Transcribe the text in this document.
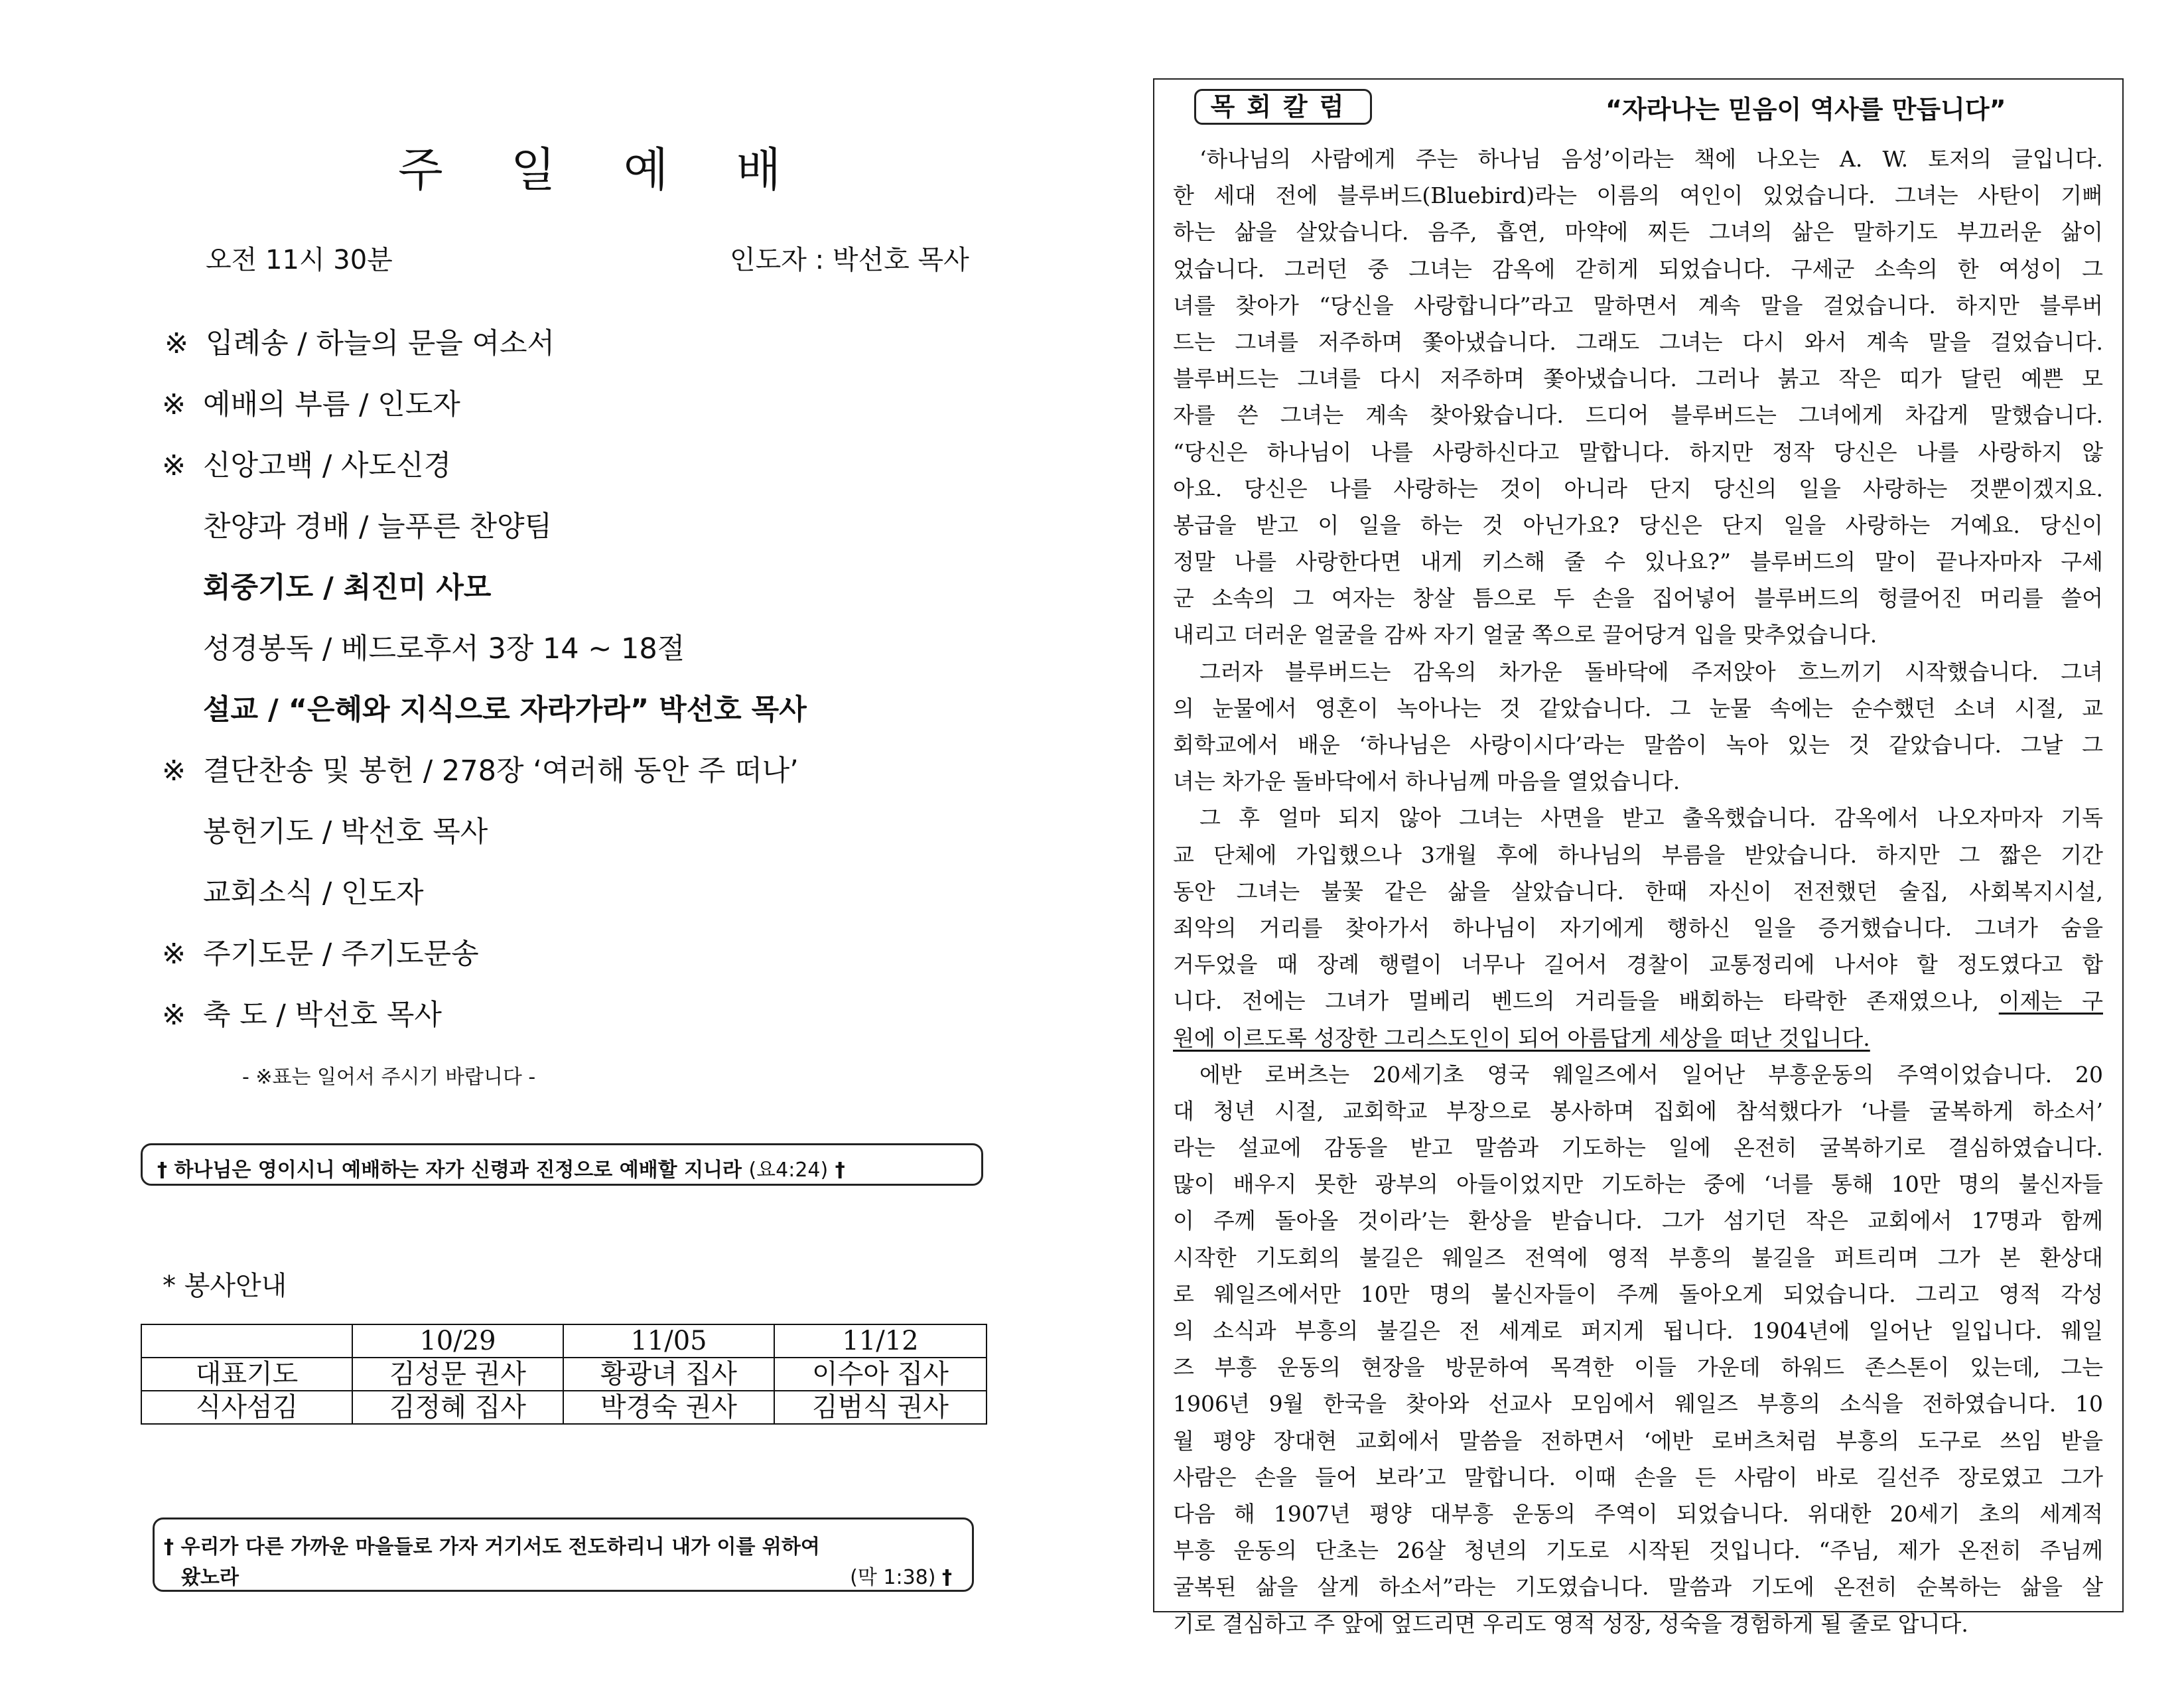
주 일 예 배
오전 11시 30분	인도자 : 박선호 목사
※ 입례송 / 하늘의 문을 여소서
※ 예배의 부름 / 인도자
※ 신앙고백 / 사도신경
찬양과 경배 / 늘푸른 찬양팀
회중기도 / 최진미 사모
성경봉독 / 베드로후서 3장 14 ~ 18절
설교 / “은혜와 지식으로 자라가라” 박선호 목사
※ 결단찬송 및 봉헌 / 278장 ‘여러해 동안 주 떠나’
봉헌기도 / 박선호 목사
교회소식 / 인도자
※ 주기도문 / 주기도문송
※ 축 도 / 박선호 목사
- ※표는 일어서 주시기 바랍니다 -
† 하나님은 영이시니 예배하는 자가 신령과 진정으로 예배할 지니라 (요4:24) †
* 봉사안내
	10/29	11/05	11/12
대표기도	김성문 권사	황광녀 집사	이수아 집사
식사섬김	김정혜 집사	박경숙 권사	김범식 권사
† 우리가 다른 가까운 마을들로 가자 거기서도 전도하리니 내가 이를 위하여
왔노라	(막 1:38) †
목회칼럼	“자라나는 믿음이 역사를 만듭니다”
‘하나님의 사람에게 주는 하나님 음성’이라는 책에 나오는 A. W. 토저의 글입니다.
한 세대 전에 블루버드(Bluebird)라는 이름의 여인이 있었습니다. 그녀는 사탄이 기뻐
하는 삶을 살았습니다. 음주, 흡연, 마약에 찌든 그녀의 삶은 말하기도 부끄러운 삶이
었습니다. 그러던 중 그녀는 감옥에 갇히게 되었습니다. 구세군 소속의 한 여성이 그
녀를 찾아가 “당신을 사랑합니다”라고 말하면서 계속 말을 걸었습니다. 하지만 블루버
드는 그녀를 저주하며 쫓아냈습니다. 그래도 그녀는 다시 와서 계속 말을 걸었습니다.
블루버드는 그녀를 다시 저주하며 쫓아냈습니다. 그러나 붉고 작은 띠가 달린 예쁜 모
자를 쓴 그녀는 계속 찾아왔습니다. 드디어 블루버드는 그녀에게 차갑게 말했습니다.
“당신은 하나님이 나를 사랑하신다고 말합니다. 하지만 정작 당신은 나를 사랑하지 않
아요. 당신은 나를 사랑하는 것이 아니라 단지 당신의 일을 사랑하는 것뿐이겠지요.
봉급을 받고 이 일을 하는 것 아닌가요? 당신은 단지 일을 사랑하는 거예요. 당신이
정말 나를 사랑한다면 내게 키스해 줄 수 있나요?” 블루버드의 말이 끝나자마자 구세
군 소속의 그 여자는 창살 틈으로 두 손을 집어넣어 블루버드의 헝클어진 머리를 쓸어
내리고 더러운 얼굴을 감싸 자기 얼굴 쪽으로 끌어당겨 입을 맞추었습니다.
그러자 블루버드는 감옥의 차가운 돌바닥에 주저앉아 흐느끼기 시작했습니다. 그녀
의 눈물에서 영혼이 녹아나는 것 같았습니다. 그 눈물 속에는 순수했던 소녀 시절, 교
회학교에서 배운 ‘하나님은 사랑이시다’라는 말씀이 녹아 있는 것 같았습니다. 그날 그
녀는 차가운 돌바닥에서 하나님께 마음을 열었습니다.
그 후 얼마 되지 않아 그녀는 사면을 받고 출옥했습니다. 감옥에서 나오자마자 기독
교 단체에 가입했으나 3개월 후에 하나님의 부름을 받았습니다. 하지만 그 짧은 기간
동안 그녀는 불꽃 같은 삶을 살았습니다. 한때 자신이 전전했던 술집, 사회복지시설,
죄악의 거리를 찾아가서 하나님이 자기에게 행하신 일을 증거했습니다. 그녀가 숨을
거두었을 때 장례 행렬이 너무나 길어서 경찰이 교통정리에 나서야 할 정도였다고 합
니다. 전에는 그녀가 멀베리 벤드의 거리들을 배회하는 타락한 존재였으나, 이제는 구
원에 이르도록 성장한 그리스도인이 되어 아름답게 세상을 떠난 것입니다.
에반 로버츠는 20세기초 영국 웨일즈에서 일어난 부흥운동의 주역이었습니다. 20
대 청년 시절, 교회학교 부장으로 봉사하며 집회에 참석했다가 ‘나를 굴복하게 하소서’
라는 설교에 감동을 받고 말씀과 기도하는 일에 온전히 굴복하기로 결심하였습니다.
많이 배우지 못한 광부의 아들이었지만 기도하는 중에 ‘너를 통해 10만 명의 불신자들
이 주께 돌아올 것이라’는 환상을 받습니다. 그가 섬기던 작은 교회에서 17명과 함께
시작한 기도회의 불길은 웨일즈 전역에 영적 부흥의 불길을 퍼트리며 그가 본 환상대
로 웨일즈에서만 10만 명의 불신자들이 주께 돌아오게 되었습니다. 그리고 영적 각성
의 소식과 부흥의 불길은 전 세계로 퍼지게 됩니다. 1904년에 일어난 일입니다. 웨일
즈 부흥 운동의 현장을 방문하여 목격한 이들 가운데 하워드 존스톤이 있는데, 그는
1906년 9월 한국을 찾아와 선교사 모임에서 웨일즈 부흥의 소식을 전하였습니다. 10
월 평양 장대현 교회에서 말씀을 전하면서 ‘에반 로버츠처럼 부흥의 도구로 쓰임 받을
사람은 손을 들어 보라’고 말합니다. 이때 손을 든 사람이 바로 길선주 장로였고 그가
다음 해 1907년 평양 대부흥 운동의 주역이 되었습니다. 위대한 20세기 초의 세계적
부흥 운동의 단초는 26살 청년의 기도로 시작된 것입니다. “주님, 제가 온전히 주님께
굴복된 삶을 살게 하소서”라는 기도였습니다. 말씀과 기도에 온전히 순복하는 삶을 살
기로 결심하고 주 앞에 엎드리면 우리도 영적 성장, 성숙을 경험하게 될 줄로 압니다.
